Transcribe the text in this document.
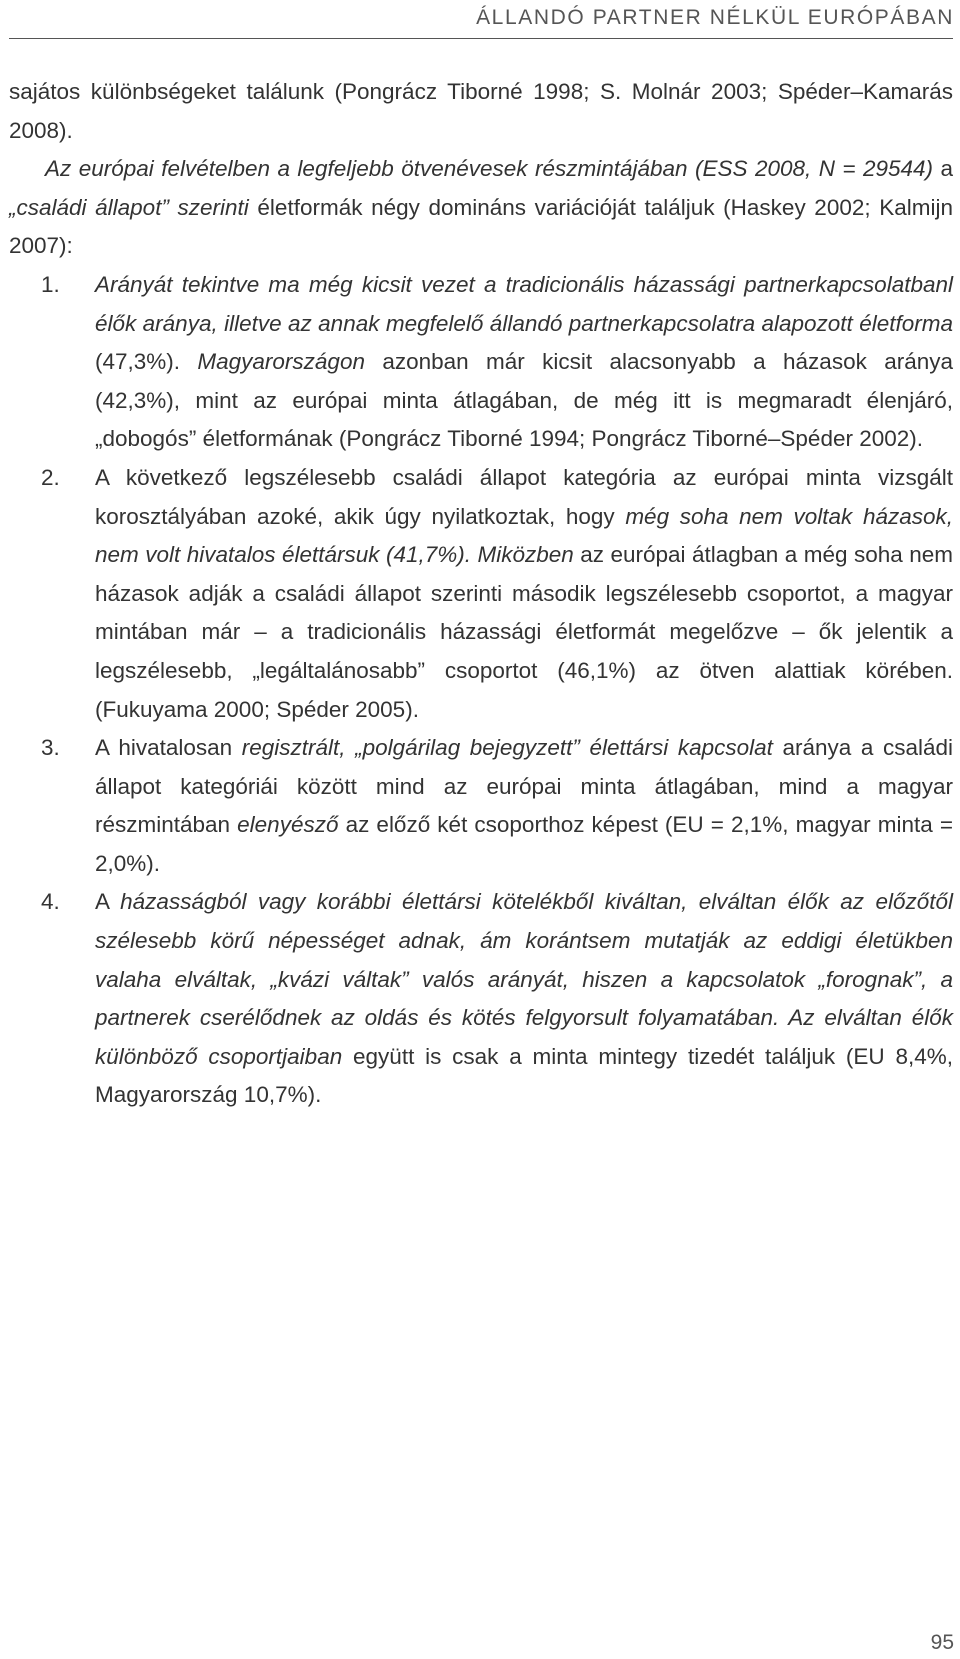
ÁLLANDÓ PARTNER NÉLKÜL EURÓPÁBAN

sajátos különbségeket találunk (Pongrácz Tiborné 1998; S. Molnár 2003; Spéder–Kamarás 2008).

Az európai felvételben a legfeljebb ötvenévesek részmintájában (ESS 2008, N = 29544) a „családi állapot” szerinti életformák négy domináns variációját találjuk (Haskey 2002; Kalmijn 2007):

1.	Arányát tekintve ma még kicsit vezet a tradicionális házassági partnerkapcsolatbanl élők aránya, illetve az annak megfelelő állandó partnerkapcsolatra alapozott életforma (47,3%). Magyarországon azonban már kicsit alacsonyabb a házasok aránya (42,3%), mint az európai minta átlagában, de még itt is megmaradt élenjáró, „dobogós” életformának (Pongrácz Tiborné 1994; Pongrácz Tiborné–Spéder 2002).

2.	A következő legszélesebb családi állapot kategória az európai minta vizsgált korosztályában azoké, akik úgy nyilatkoztak, hogy még soha nem voltak házasok, nem volt hivatalos élettársuk (41,7%). Miközben az európai átlagban a még soha nem házasok adják a családi állapot szerinti második legszélesebb csoportot, a magyar mintában már – a tradicionális házassági életformát megelőzve – ők jelentik a legszélesebb, „legáltalánosabb” csoportot (46,1%) az ötven alattiak körében. (Fukuyama 2000; Spéder 2005).

3.	A hivatalosan regisztrált, „polgárilag bejegyzett” élettársi kapcsolat aránya a családi állapot kategóriái között mind az európai minta átlagában, mind a magyar részmintában elenyésző az előző két csoporthoz képest (EU = 2,1%, magyar minta = 2,0%).

4.	A házasságból vagy korábbi élettársi kötelékből kiváltan, elváltan élők az előzőtől szélesebb körű népességet adnak, ám korántsem mutatják az eddigi életükben valaha elváltak, „kvázi váltak” valós arányát, hiszen a kapcsolatok „forognak”, a partnerek cserélődnek az oldás és kötés felgyorsult folyamatában. Az elváltan élők különböző csoportjaiban együtt is csak a minta mintegy tizedét találjuk (EU 8,4%, Magyarország 10,7%).

95
